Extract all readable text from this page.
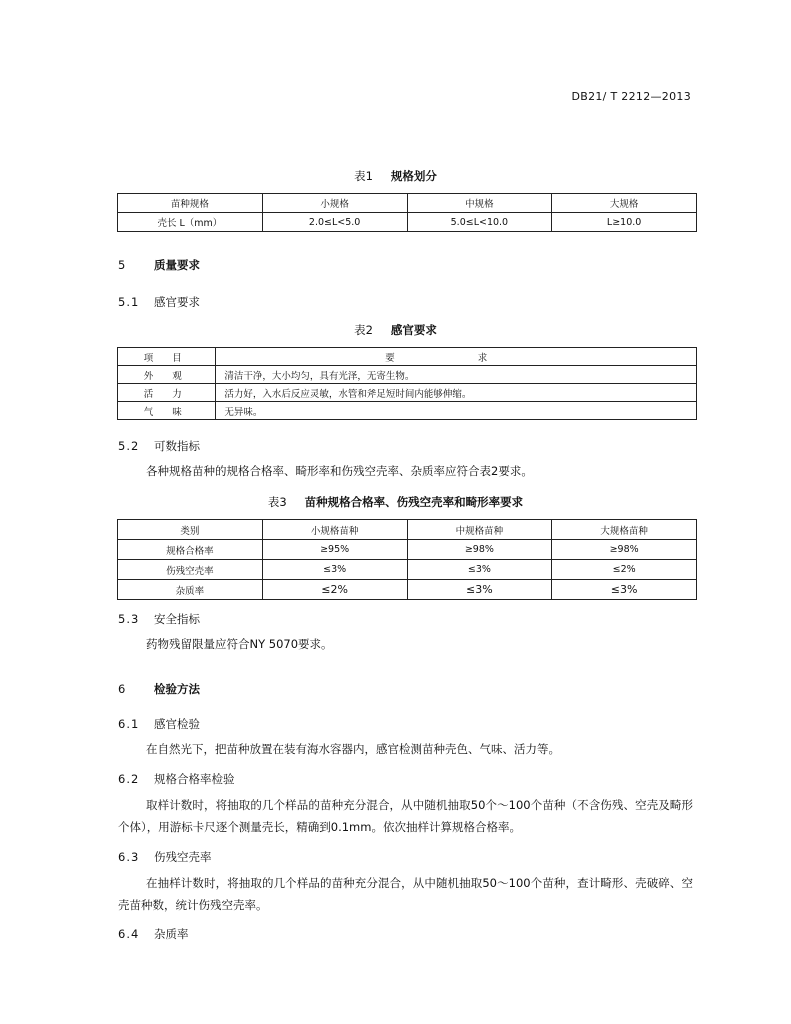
DB21/ T 2212—2013
表1 规格划分
苗种规格	小规格	中规格	大规格
壳长 L（mm）	2.0≤L<5.0	5.0≤L<10.0	L≥10.0
5 质量要求
5.1 感官要求
表2 感官要求
项 目	要 求
外 观	清洁干净，大小均匀，具有光泽，无寄生物。
活 力	活力好，入水后反应灵敏，水管和斧足短时间内能够伸缩。
气 味	无异味。
5.2 可数指标
各种规格苗种的规格合格率、畸形率和伤残空壳率、杂质率应符合表2要求。
表3 苗种规格合格率、伤残空壳率和畸形率要求
类别	小规格苗种	中规格苗种	大规格苗种
规格合格率	≥95%	≥98%	≥98%
伤残空壳率	≤3%	≤3%	≤2%
杂质率	≤2%	≤3%	≤3%
5.3 安全指标
药物残留限量应符合NY 5070要求。
6 检验方法
6.1 感官检验
在自然光下，把苗种放置在装有海水容器内，感官检测苗种壳色、气味、活力等。
6.2 规格合格率检验
取样计数时，将抽取的几个样品的苗种充分混合，从中随机抽取50个～100个苗种（不含伤残、空壳及畸形个体），用游标卡尺逐个测量壳长，精确到0.1mm。依次抽样计算规格合格率。
6.3 伤残空壳率
在抽样计数时，将抽取的几个样品的苗种充分混合，从中随机抽取50～100个苗种，查计畸形、壳破碎、空壳苗种数，统计伤残空壳率。
6.4 杂质率
